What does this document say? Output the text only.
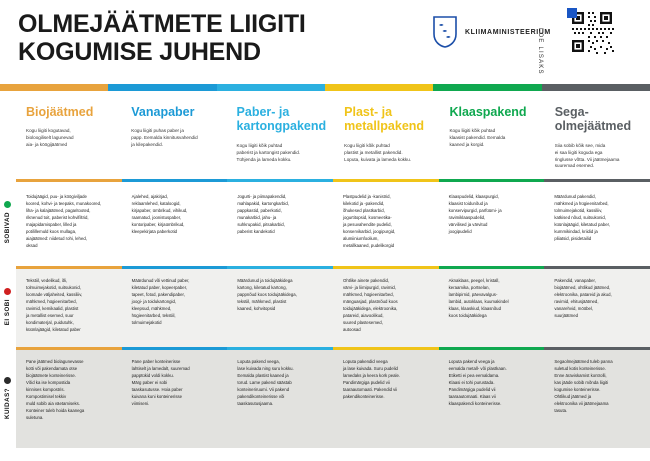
OLMEJÄÄTMETE LIIGITI
KOGUMISE JUHEND
KLIIMAMINISTEERIUM
LOE LISAKS
Biojäätmed
Kogu liigiti kogutavad,
bioloogiliselt lagunevad
aia- ja köögijäätmed
Vanapaber
Kogu liigiti puhas paber ja
papp. Eemalda kinnitusvahendid
ja kilepakendid.
Paber- ja
kartongpakend
Kogu liigiti kõik puhtad
paberist ja kartongist pakendid.
Tühjenda ja lameda kokku.
Plast- ja
metallpakend
Kogu liigiti kõik puhtad
plastist ja metallist pakendid.
Loputa, kuivata ja lameda kokku.
Klaaspakend
Kogu liigiti kõik puhtad
klaasist pakendid. Eemalda
kaaned ja korgid.
Sega-
olmejäätmed
Siia sobib kõik see, mida
ei saa liigiti koguda ega
ringlusse võtta. Vii jäätmejaama
suuremad esemed.
SOBIVAD
Toidujäägid, puu- ja köögiviljade
koored, kohvi- ja teepaks, munakoored,
liha- ja kalajäätmed, pagaritooted,
riknenud toit, paberist kohvifiltrid,
majapidamispaber, lilled ja
potilillemuld koos mullaga,
aiajäätmed: niidetud rohi, lehed,
oksad
Ajalehed, ajakirjad,
reklaamlehed, kataloogid,
kirjapaber, ümbrikud, vihikud,
raamatud, joonistuspaber,
kontoripaber, kirjaümbrikud,
kleepekirjata paberkotid
Jogurti- ja piimapakendid,
mahlapakid, kartongkarbid,
pappkastid, paberkotid,
munakarbid, jahu- ja
suhkrupakid, pitsakarbid,
paberist kandekotid
Plastpudelid ja -kanistrid,
kilekotid ja -pakendid,
õhukesed plastkarbid,
jogurtitopsid, kosmeetika-
ja pesuvahendite pudelid,
konservikarbid, joogipurgid,
alumiiniumfoolium,
metallkaaned, pudelikorgid
Klaaspudelid, klaaspurgid,
klaasist toidunõud ja
konservipurgid, parfüümi- ja
ravimiklaaspudelid,
värvilised ja värvitud
joogipudelid
Määrdunud pakendid,
mähkmed ja hügieenitarbed,
tolmuimejakotid, kassiliiv,
katkised nõud, suitsukonid,
küünlajäägid, kiletatud paber,
kummikindad, kriidid ja
pliiatsid, pisidetailid
EI SOBI
Tekstiil, vedelikud, õli,
tolmuimejakotid, suitsukonid,
loomade väljaheited, kassiliiv,
mähkmed, hügieenitarbed,
ravimid, kemikaalid, plastist
ja metallist esemed, suur
kondimaterjal, puidutuhk,
küünlajäägid, kiletatud paber
Määrdunud või vettinud paber,
kiletatud paber, kopeerpaber,
tapeet, fotod, pakendipaber,
joogi- ja toidukartongid,
kleepsud, mähkmed,
hügieenitarbed, tekstiil,
tolmuimejakotid
Määrdunud ja toidujääkidega
kartong, kiletatud kartong,
pappnõud koos toidujääkidega,
tekstiil, mähkmed, plastist
kaaned, kohvitopsid
Ohtlike ainete pakendid,
värvi- ja liimipurgid, ravimid,
mähkmed, hügieenitarbed,
mänguasjad, plastnõud koos
toidujääkidega, elektroonika,
patareid, aiavoolikud,
suured plastesemed,
autoosad
Aknaklaas, peegel, kristall,
keraamika, portselan,
lambipirnid, päevavalgus-
lambid, autoklaas, kuumakindel
klaas, klaaskiud, klaasnõud
koos toidujääkidega
Pakendid, vanapaber,
biojäätmed, ohtlikud jäätmed,
elektroonika, patareid ja akud,
ravimid, ehitusjäätmed,
vanarehvid, mööbel,
suurjäätmed
KUIDAS?
Pane jäätmed biolagunevasse
kotti või pakendamata otse
biojäätmete konteinerisse.
Võid ka ise kompostida
kinnises kompostris.
Kompostimisel tekkiv
muld sobib aia väetamiseks.
Konteiner tuleb hoida kaanega
suletuna.
Pane paber konteinerisse
lahtiselt ja lamedalt, suuremad
papptükid voldi kokku.
Märg paber ei sobi
taaskasutusse. Hoia paber
kuivana kuni konteinerisse
viimiseni.
Loputa pakend veega,
lase kuivada ning suru kokku.
Eemalda plastist kaaned ja
torud. Lame pakend säästab
konteineriruumi. Vii pakend
pakendikonteinerisse või
taaskasutusjaama.
Loputa pakendid veega
ja lase kuivada. Suru pudelid
lamedaks ja keera kork peale.
Pandimärgiga pudelid vii
taaraautomaati. Pakendid vii
pakendikonteinerisse.
Loputa pakend veega ja
eemalda metall- või plastkaan.
Etiketti ei pea eemaldama.
Klaasi ei tohi purustada.
Pandimärgiga pudelid vii
taaraautomaati. Klaas vii
klaaspakendi konteinerisse.
Segaolmejäätmed tuleb panna
suletud kotis konteinerisse.
Enne äraviskamist kontrolli,
kas jääde sobib mõnda liigiti
kogumise konteinerisse.
Ohtlikud jäätmed ja
elektroonika vii jäätmejaama
tasuta.
